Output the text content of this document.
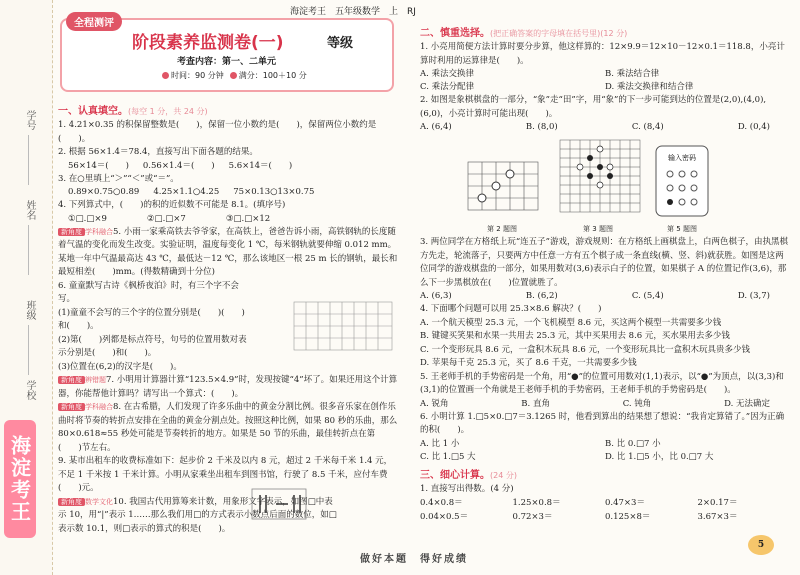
学号
姓名
班级
学校
海淀考王
海淀考王　五年级数学　上　RJ
全程测评
阶段素养监测卷(一)	等级
考查内容：第一、二单元
时间：90 分钟	满分：100＋10 分
一、认真填空。(每空 1 分，共 24 分)

1. 4.21×0.35 的积保留整数是(　　)，保留一位小数约是(　　)，保留两位小数约是(　　)。

2. 根据 56×1.4＝78.4，直接写出下面各题的结果。

56×14＝(　　) 0.56×1.4＝(　　) 5.6×14＝(　　)

3. 在○里填上“＞”“＜”或“＝”。

0.89×0.75○0.89 4.25×1.1○4.25 75×0.13○13×0.75

4. 下列算式中，(　　)的积的近似数不可能是 8.1。(填序号)

①□.□×9	②□.□×7	③□.□×12

新角度 学科融合5. 小雨一家乘高铁去爷爷家，在高铁上，爸爸告诉小雨，高铁钢轨的长度随着气温的变化而发生改变。实验证明，温度每变化 1 ℃，每米钢轨就要伸缩 0.012 mm。某地一年中气温最高达 43 ℃，最低达－12 ℃，那么该地区一根 25 m 长的钢轨，最长和最短相差(　　)mm。(得数精确到十分位)

6. 童童默写古诗《枫桥夜泊》时，有三个字不会写。

(1)童童不会写的三个字的位置分别是(　　)(　　)和(　　)。

(2)第(　　)列都是标点符号，句号的位置用数对表示分别是(　　)和(　　)。

(3)位置在(6,2)的汉字是(　　)。

新角度 辨错题7. 小明用计算器计算“123.5×4.9”时，发现按键“4”坏了。如果还用这个计算器，你能帮他计算吗？请写出一个算式：(　　)。

新角度 学科融合8. 在古希腊，人们发现了许多乐曲中的黄金分割比例。很多音乐家在创作乐曲时将节奏的转折点安排在全曲的黄金分割点处。按照这种比例，如果 80 秒的乐曲，那么 80×0.618≈55 秒处可能是节奏转折的地方。如果是 50 节的乐曲，最佳转折点在第(　　)节左右。

9. 某市出租车的收费标准如下：起步价 2 千米及以内 8 元，超过 2 千米每千米 1.4 元，不足 1 千米按 1 千米计算。小明从家乘坐出租车到图书馆，行驶了 8.5 千米，应付车费(　　)元。

新角度 数学文化10. 我国古代用算筹来计数，用象形文字表示，如图□中表示 10，用“|”表示 1……那么我们用□的方式表示小数点后面的数位，如□表示数 10.1，则□表示的算式的积是(　　)。

二、慎重选择。(把正确答案的字母填在括号里)(12 分)

1. 小亮用简便方法计算时要分步算，他这样算的：12×9.9＝12×10－12×0.1＝118.8，小亮计算时利用的运算律是(　　)。

A. 乘法交换律	B. 乘法结合律
C. 乘法分配律	D. 乘法交换律和结合律

2. 如图是象棋棋盘的一部分，“象”走“田”字，用“象”的下一步可能到达的位置是(2,0),(4,0),(6,0)，小亮计算时可能出现(　　)。

A. (6,4)	B. (8,0)	C. (8,4)	D. (0,4)
第 2 题图	第 3 题图
输入密码
第 5 题图

3. 两位同学在方格纸上玩“连五子”游戏，游戏规则：在方格纸上画棋盘上，白两色棋子，由执黑棋方先走，轮流落子，只要两方中任意一方有五个棋子成一条直线(横、竖、斜)就获胜。如图是这两位同学的游戏棋盘的一部分，如果用数对(3,6)表示白子的位置，如果棋子 A 的位置记作(3,6)，那么下一步黑棋放在(　　)位置就胜了。

A. (6,3)	B. (6,2)	C. (5,4)	D. (3,7)

4. 下面哪个问题可以用 25.3×8.6 解决？(　　)

A. 一个航天模型 25.3 元，一个飞机模型 8.6 元，买这两个模型一共需要多少钱

B. 键键买笑果和水果一共用去 25.3 元，其中买果用去 8.6 元，买水果用去多少钱

C. 一个变形玩具 8.6 元，一盒积木玩具 8.6 元，一个变形玩具比一盒积木玩具贵多少钱

D. 苹果每千克 25.3 元，买了 8.6 千克，一共需要多少钱

5. 王老师手机的手势密码是一个角，用“●”的位置可用数对(1,1)表示，以“●”为顶点，以(3,3)和(3,1)的位置画一个角就是王老师手机的手势密码，王老师手机的手势密码是(　　)。

A. 锐角	B. 直角	C. 钝角	D. 无法确定

6. 小明计算 1.□5×0.□7＝3.1265 时，他看到算出的结果想了想说：“我肯定算错了。”因为正确的积(　　)。

A. 比 1 小	B. 比 0.□7 小
C. 比 1.□5 大	D. 比 1.□5 小，比 0.□7 大
三、细心计算。(24 分)

1. 直接写出得数。(4 分)

0.4×0.8＝	1.25×0.8＝	0.47×3＝	2×0.17＝
0.04×0.5＝	0.72×3＝	0.125×8＝	3.67×3＝
做好本题　得好成绩
5
